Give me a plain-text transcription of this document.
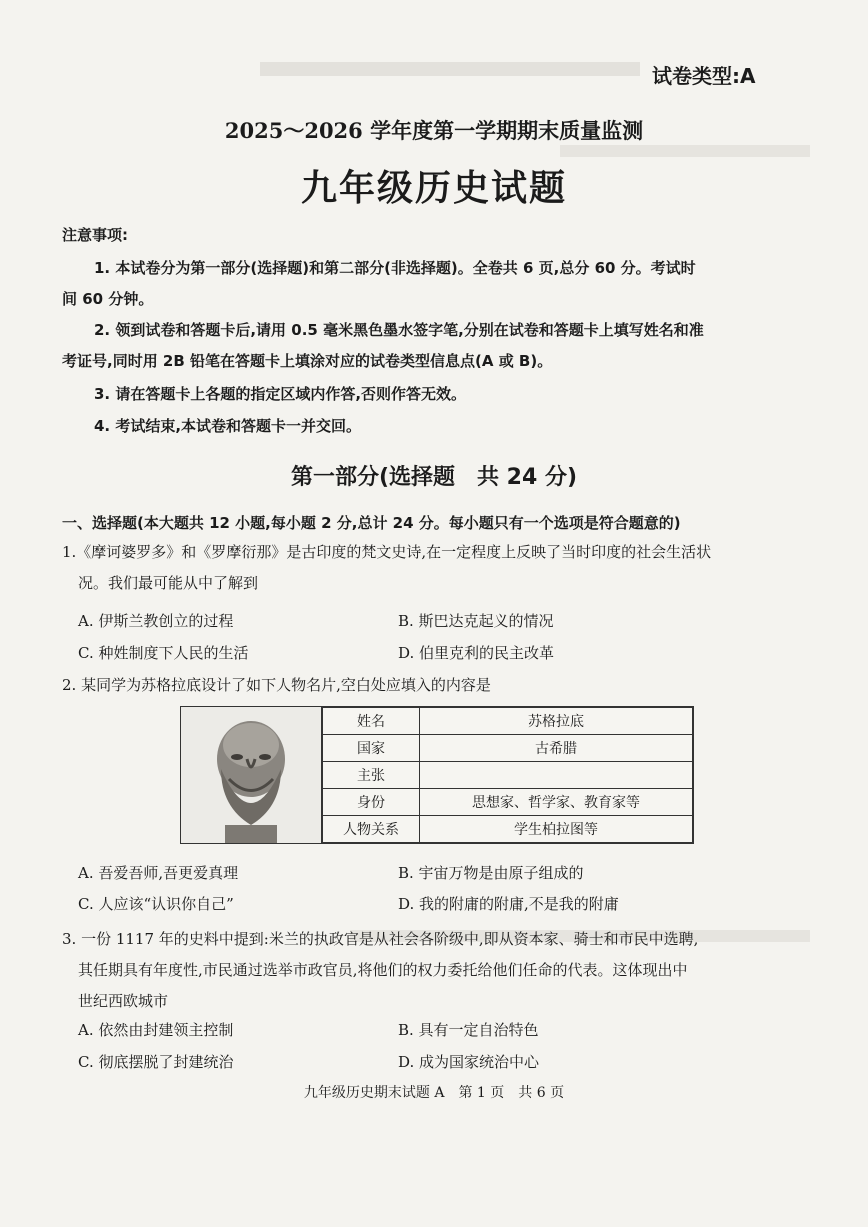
试卷类型:A
2025～2026 学年度第一学期期末质量监测
九年级历史试题
注意事项:
1. 本试卷分为第一部分(选择题)和第二部分(非选择题)。全卷共 6 页,总分 60 分。考试时
间 60 分钟。
2. 领到试卷和答题卡后,请用 0.5 毫米黑色墨水签字笔,分别在试卷和答题卡上填写姓名和准
考证号,同时用 2B 铅笔在答题卡上填涂对应的试卷类型信息点(A 或 B)。
3. 请在答题卡上各题的指定区域内作答,否则作答无效。
4. 考试结束,本试卷和答题卡一并交回。
第一部分(选择题　共 24 分)
一、选择题(本大题共 12 小题,每小题 2 分,总计 24 分。每小题只有一个选项是符合题意的)
1.《摩诃婆罗多》和《罗摩衍那》是古印度的梵文史诗,在一定程度上反映了当时印度的社会生活状

况。我们最可能从中了解到
A. 伊斯兰教创立的过程	B. 斯巴达克起义的情况
C. 种姓制度下人民的生活	D. 伯里克利的民主改革
2. 某同学为苏格拉底设计了如下人物名片,空白处应填入的内容是
姓名	苏格拉底
国家	古希腊
主张	
身份	思想家、哲学家、教育家等
人物关系	学生柏拉图等
A. 吾爱吾师,吾更爱真理	B. 宇宙万物是由原子组成的
C. 人应该“认识你自己”	D. 我的附庸的附庸,不是我的附庸
3. 一份 1117 年的史料中提到:米兰的执政官是从社会各阶级中,即从资本家、骑士和市民中选聘,

其任期具有年度性,市民通过选举市政官员,将他们的权力委托给他们任命的代表。这体现出中
世纪西欧城市
A. 依然由封建领主控制	B. 具有一定自治特色
C. 彻底摆脱了封建统治	D. 成为国家统治中心
九年级历史期末试题 A　第 1 页　共 6 页
